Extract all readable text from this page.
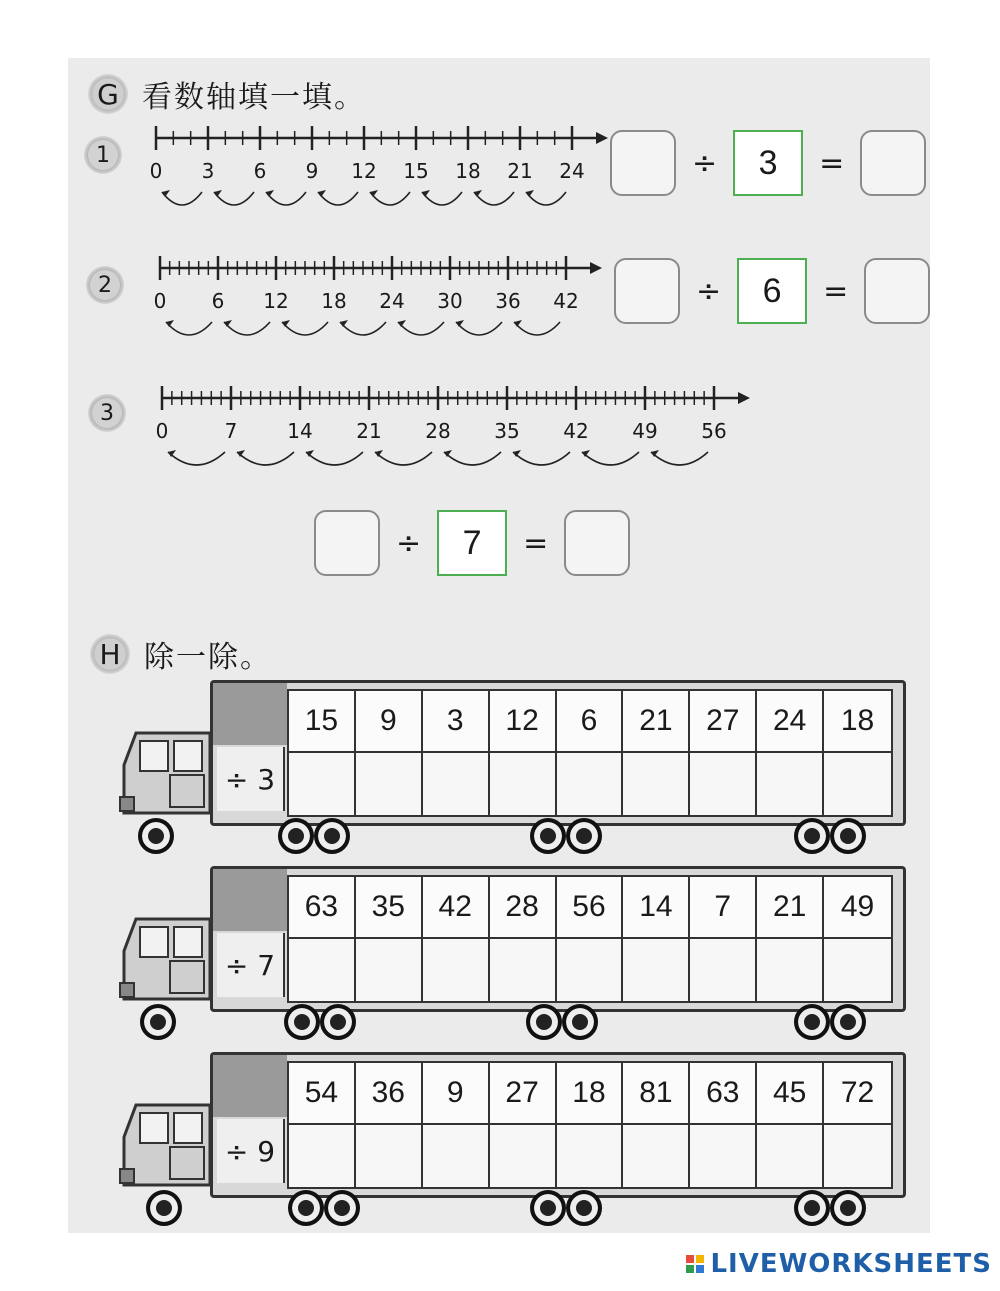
G 看数轴填一填。
1
0 3 6 9 12 15 18 21 24	÷	3	=
2
0 6 12 18 24 30 36 42	÷	6	=
3
0	7 14 21 28 35 42 49 56
÷	7	=
H 除一除。
÷ 3
15	9	3	12	6	21	27	24	18
÷ 7
63	35	42	28	56	14	7	21	49
÷ 9
54	36	9	27	18	81	63	45	72
LIVEWORKSHEETS
